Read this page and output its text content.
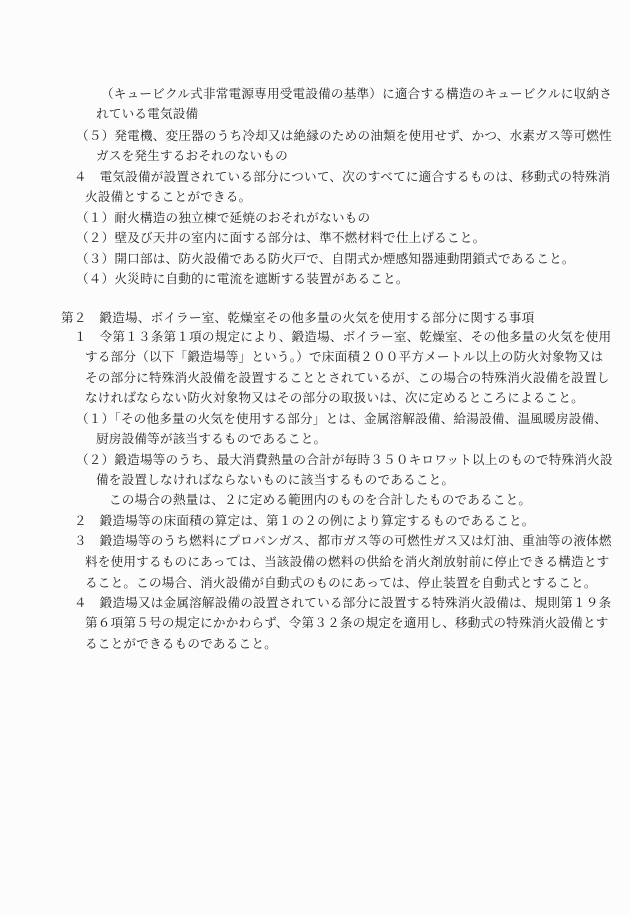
（キュービクル式非常電源専用受電設備の基準）に適合する構造のキュービクルに収納さ
れている電気設備
（５）発電機、変圧器のうち冷却又は絶縁のための油類を使用せず、かつ、水素ガス等可燃性
ガスを発生するおそれのないもの
４　電気設備が設置されている部分について、次のすべてに適合するものは、移動式の特殊消
火設備とすることができる。
（１）耐火構造の独立棟で延焼のおそれがないもの
（２）壁及び天井の室内に面する部分は、準不燃材料で仕上げること。
（３）開口部は、防火設備である防火戸で、自閉式か煙感知器連動閉鎖式であること。
（４）火災時に自動的に電流を遮断する装置があること。
第２　鍛造場、ボイラー室、乾燥室その他多量の火気を使用する部分に関する事項
１　令第１３条第１項の規定により、鍛造場、ボイラー室、乾燥室、その他多量の火気を使用
する部分（以下「鍛造場等」という。）で床面積２００平方メートル以上の防火対象物又は
その部分に特殊消火設備を設置することとされているが、この場合の特殊消火設備を設置し
なければならない防火対象物又はその部分の取扱いは、次に定めるところによること。
（１）「その他多量の火気を使用する部分」とは、金属溶解設備、給湯設備、温風暖房設備、
厨房設備等が該当するものであること。
（２）鍛造場等のうち、最大消費熱量の合計が毎時３５０キロワット以上のもので特殊消火設
備を設置しなければならないものに該当するものであること。
この場合の熱量は、２に定める範囲内のものを合計したものであること。
２　鍛造場等の床面積の算定は、第１の２の例により算定するものであること。
３　鍛造場等のうち燃料にプロパンガス、都市ガス等の可燃性ガス又は灯油、重油等の液体燃
料を使用するものにあっては、当該設備の燃料の供給を消火剤放射前に停止できる構造とす
ること。この場合、消火設備が自動式のものにあっては、停止装置を自動式とすること。
４　鍛造場又は金属溶解設備の設置されている部分に設置する特殊消火設備は、規則第１９条
第６項第５号の規定にかかわらず、令第３２条の規定を適用し、移動式の特殊消火設備とす
ることができるものであること。
